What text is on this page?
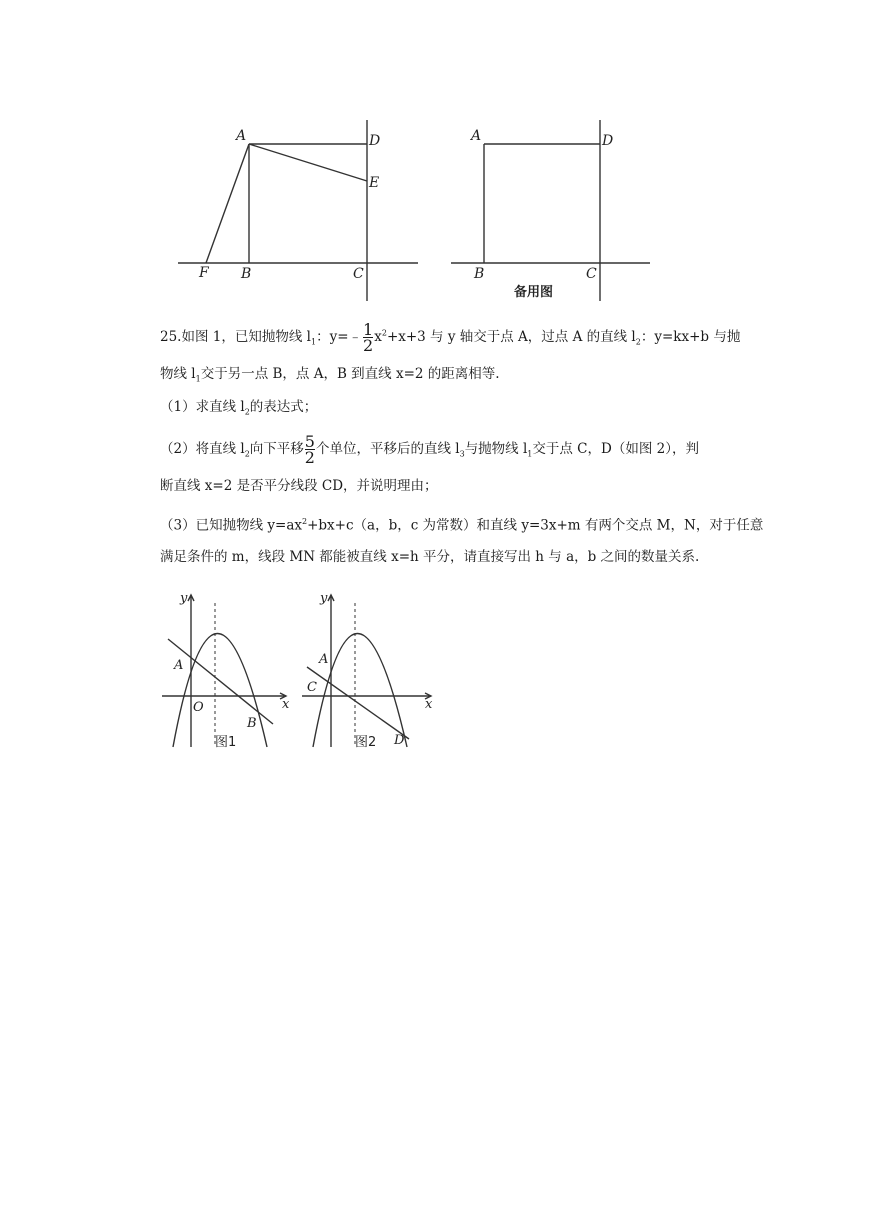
A	D
E
F B	C
A	D
B	C
备用图
25.如图 1，已知抛物线 $l_1$：y=﹣ $\frac{1}{2} x^2+x+3$ 与 y 轴交于点 A，过点 A 的直线 $l_2$：y=kx+b 与抛
物线 $l_1$交于另一点 B，点 A，B 到直线 x=2 的距离相等.
（1）求直线 $l_2$的表达式；
（2）将直线 $l_2$向下平移 $\frac{5}{2}$ 个单位，平移后的直线 $l_3$与抛物线 $l_1$交于点 C，D（如图 2），判
断直线 x=2 是否平分线段 CD，并说明理由；
（3）已知抛物线 $y=ax^2+bx+c(a$，b，c 为常数）和直线 y=3x+m 有两个交点 M，N，对于任意
满足条件的 m，线段 MN 都能被直线 x=h 平分，请直接写出 h 与 a，b 之间的数量关系.
y
x
A
O
B
图1
y
x
A
C
D
图2
